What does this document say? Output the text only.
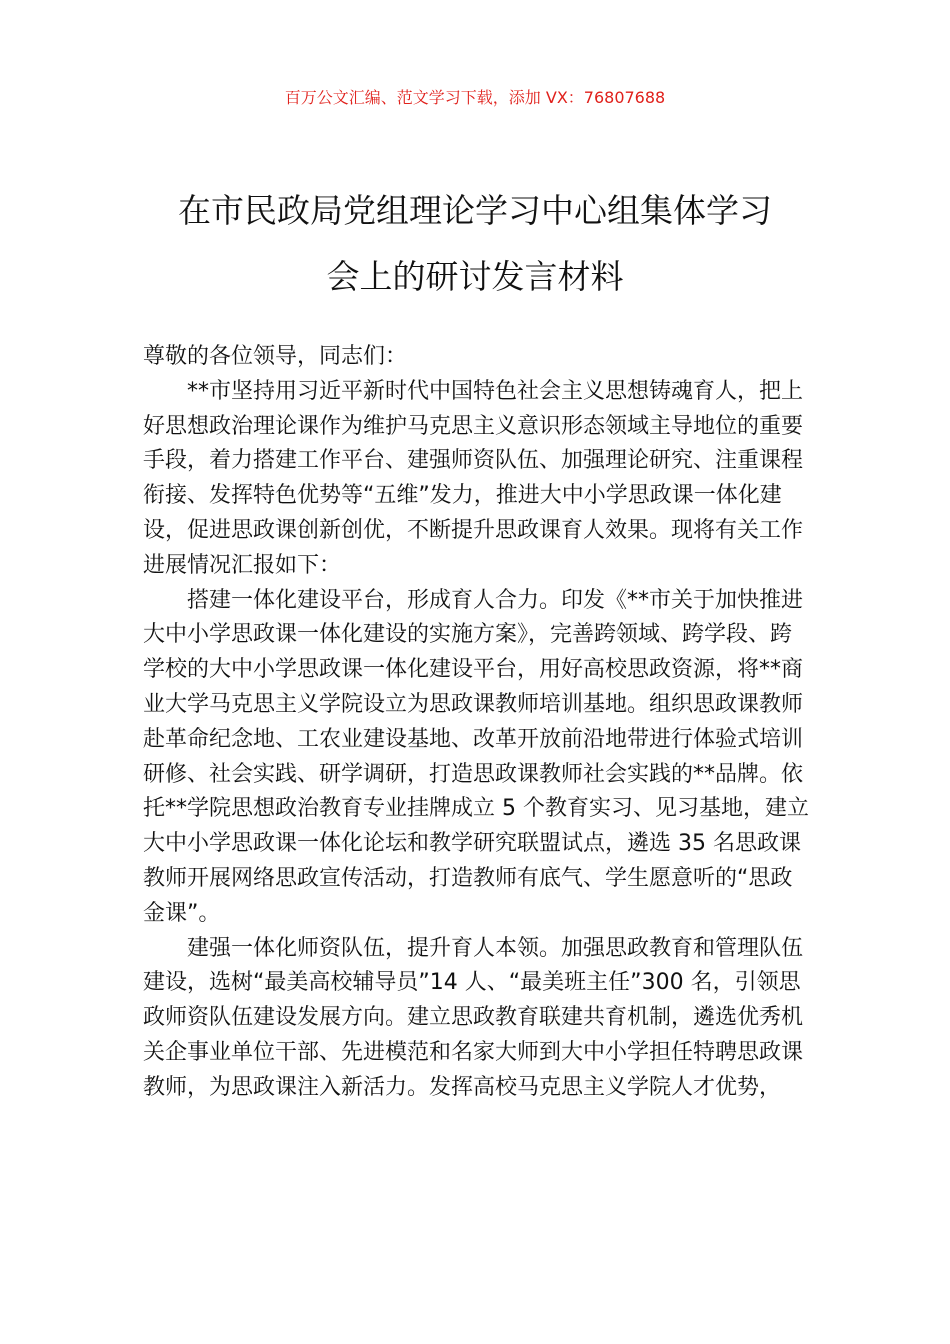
百万公文汇编、范文学习下载，添加 VX：76807688
在市民政局党组理论学习中心组集体学习
会上的研讨发言材料

尊敬的各位领导，同志们：

**市坚持用习近平新时代中国特色社会主义思想铸魂育人，把上好思想政治理论课作为维护马克思主义意识形态领域主导地位的重要手段，着力搭建工作平台、建强师资队伍、加强理论研究、注重课程衔接、发挥特色优势等“五维”发力，推进大中小学思政课一体化建设，促进思政课创新创优，不断提升思政课育人效果。现将有关工作进展情况汇报如下：

搭建一体化建设平台，形成育人合力。印发《**市关于加快推进大中小学思政课一体化建设的实施方案》，完善跨领域、跨学段、跨学校的大中小学思政课一体化建设平台，用好高校思政资源，将**商业大学马克思主义学院设立为思政课教师培训基地。组织思政课教师赴革命纪念地、工农业建设基地、改革开放前沿地带进行体验式培训研修、社会实践、研学调研，打造思政课教师社会实践的**品牌。依托**学院思想政治教育专业挂牌成立 5 个教育实习、见习基地，建立大中小学思政课一体化论坛和教学研究联盟试点，遴选 35 名思政课教师开展网络思政宣传活动，打造教师有底气、学生愿意听的“思政金课”。

建强一体化师资队伍，提升育人本领。加强思政教育和管理队伍建设，选树“最美高校辅导员”14 人、“最美班主任”300 名，引领思政师资队伍建设发展方向。建立思政教育联建共育机制，遴选优秀机关企事业单位干部、先进模范和名家大师到大中小学担任特聘思政课教师，为思政课注入新活力。发挥高校马克思主义学院人才优势，
